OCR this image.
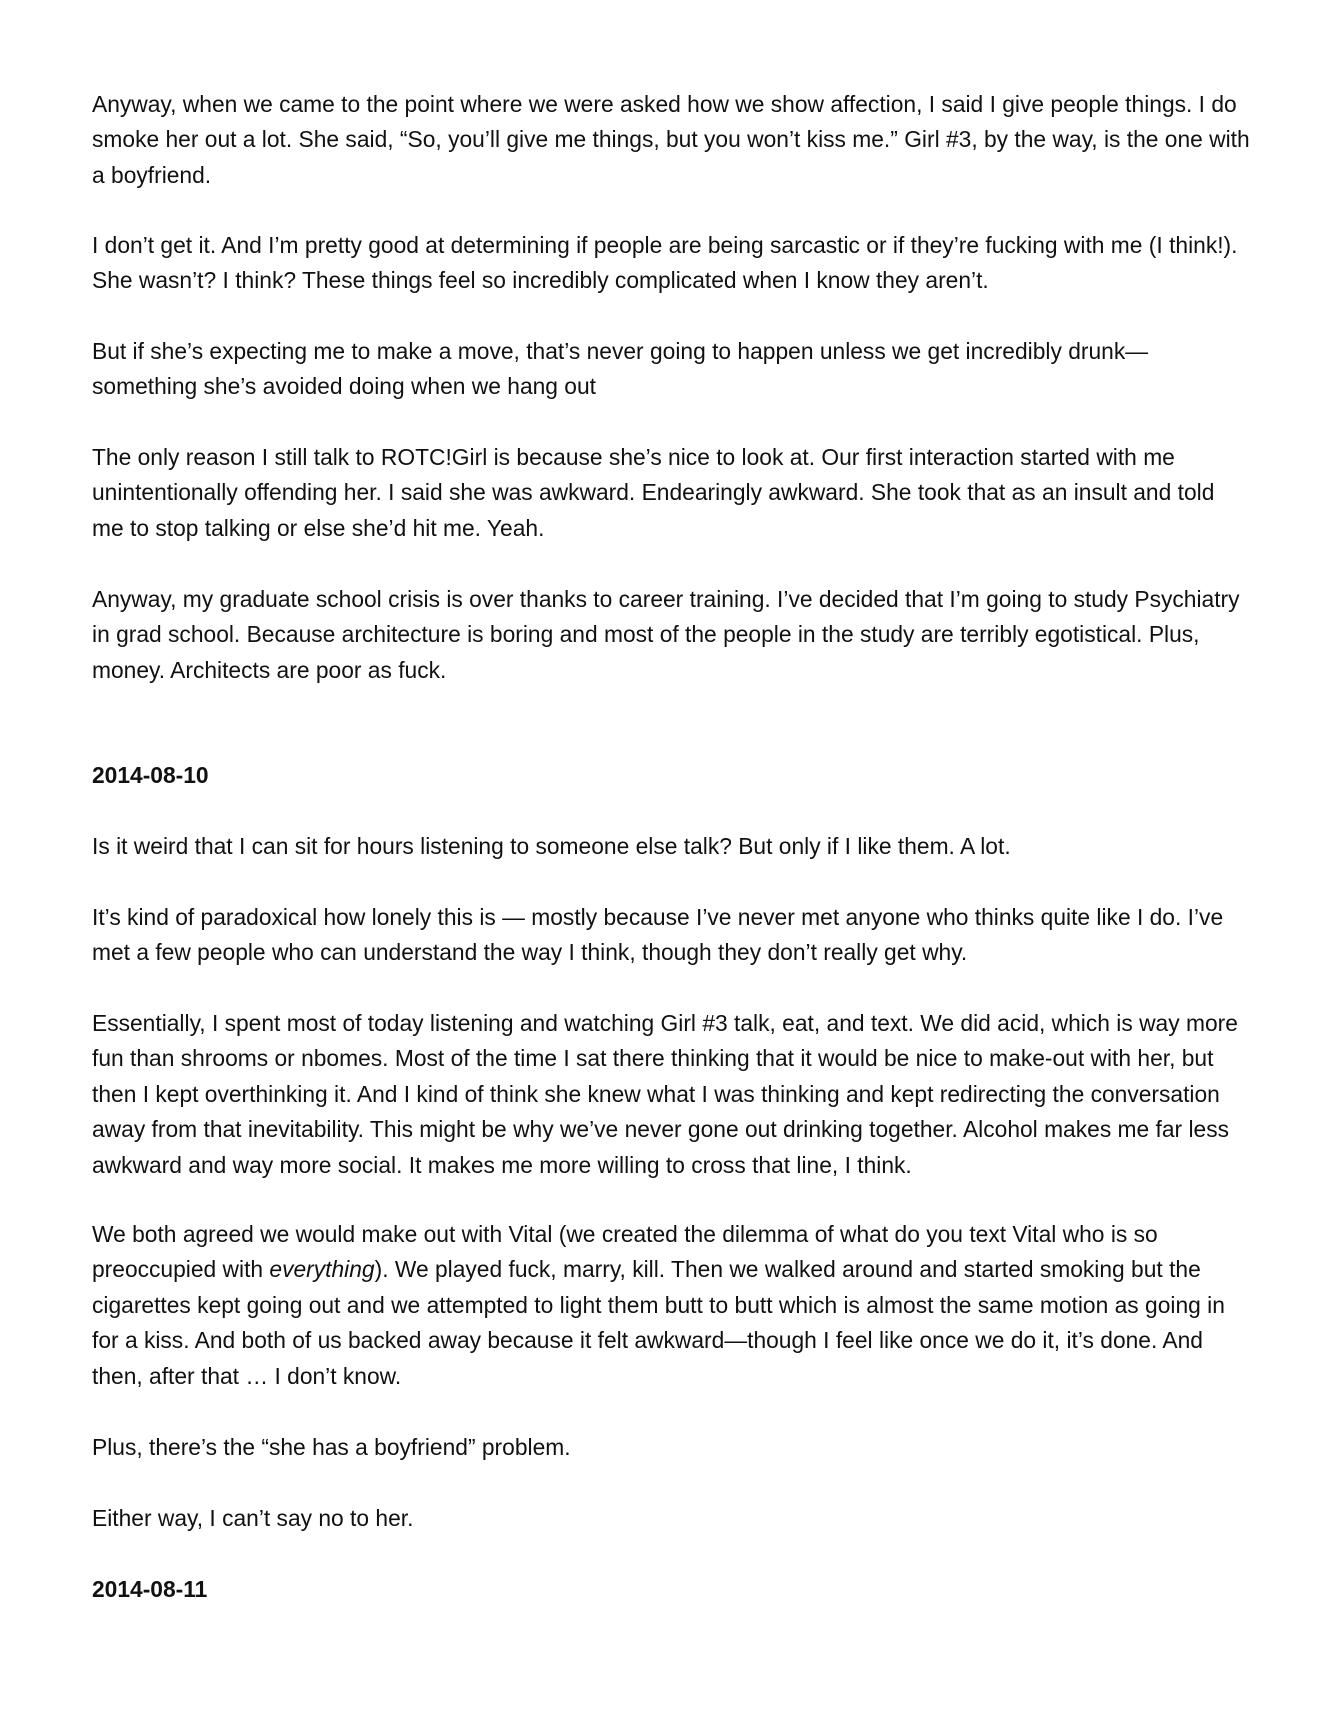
Anyway, when we came to the point where we were asked how we show affection, I said I give people things. I do smoke her out a lot. She said, “So, you’ll give me things, but you won’t kiss me.” Girl #3, by the way, is the one with a boyfriend.

I don’t get it. And I’m pretty good at determining if people are being sarcastic or if they’re fucking with me (I think!). She wasn’t? I think? These things feel so incredibly complicated when I know they aren’t.

But if she’s expecting me to make a move, that’s never going to happen unless we get incredibly drunk— something she’s avoided doing when we hang out

The only reason I still talk to ROTC!Girl is because she’s nice to look at. Our first interaction started with me unintentionally offending her. I said she was awkward. Endearingly awkward. She took that as an insult and told me to stop talking or else she’d hit me. Yeah.

Anyway, my graduate school crisis is over thanks to career training. I’ve decided that I’m going to study Psychiatry in grad school. Because architecture is boring and most of the people in the study are terribly egotistical. Plus, money. Architects are poor as fuck.

2014-08-10

Is it weird that I can sit for hours listening to someone else talk? But only if I like them. A lot.

It’s kind of paradoxical how lonely this is — mostly because I’ve never met anyone who thinks quite like I do. I’ve met a few people who can understand the way I think, though they don’t really get why.

Essentially, I spent most of today listening and watching Girl #3 talk, eat, and text. We did acid, which is way more fun than shrooms or nbomes. Most of the time I sat there thinking that it would be nice to make-out with her, but then I kept overthinking it. And I kind of think she knew what I was thinking and kept redirecting the conversation away from that inevitability. This might be why we’ve never gone out drinking together. Alcohol makes me far less awkward and way more social. It makes me more willing to cross that line, I think.

We both agreed we would make out with Vital (we created the dilemma of what do you text Vital who is so preoccupied with everything). We played fuck, marry, kill. Then we walked around and started smoking but the cigarettes kept going out and we attempted to light them butt to butt which is almost the same motion as going in for a kiss. And both of us backed away because it felt awkward—though I feel like once we do it, it’s done. And then, after that … I don’t know.

Plus, there’s the “she has a boyfriend” problem.

Either way, I can’t say no to her.

2014-08-11
